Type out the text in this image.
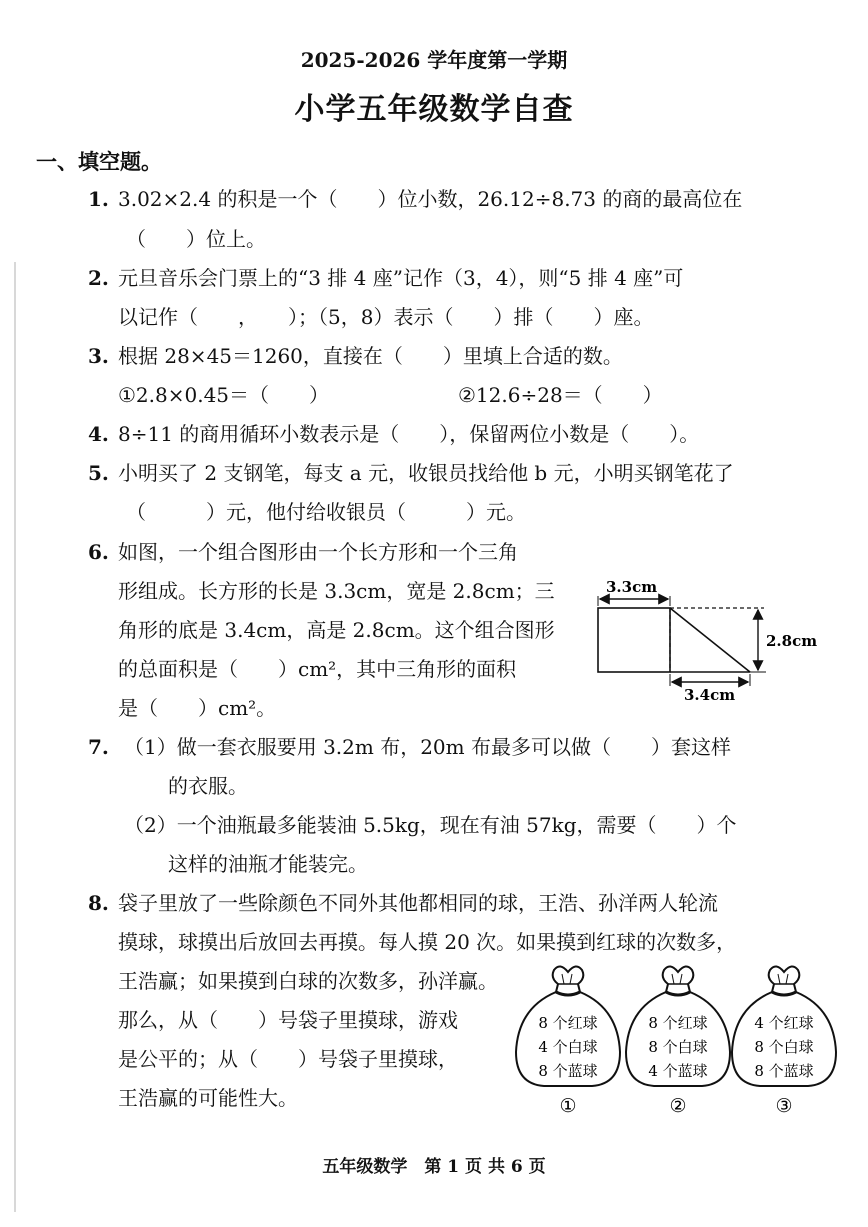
2025-2026 学年度第一学期
小学五年级数学自查
一、填空题。
1. 3.02×2.4 的积是一个（　　）位小数，26.12÷8.73 的商的最高位在
（　　）位上。
2. 元旦音乐会门票上的“3 排 4 座”记作（3，4），则“5 排 4 座”可
以记作（　　，　　）；（5，8）表示（　　）排（　　）座。
3. 根据 28×45＝1260，直接在（　　）里填上合适的数。
①2.8×0.45＝（　　）	②12.6÷28＝（　　）
4. 8÷11 的商用循环小数表示是（　　），保留两位小数是（　　）。
5. 小明买了 2 支钢笔，每支 a 元，收银员找给他 b 元，小明买钢笔花了
（　　　）元，他付给收银员（　　　）元。
6. 如图，一个组合图形由一个长方形和一个三角
形组成。长方形的长是 3.3cm，宽是 2.8cm；三
角形的底是 3.4cm，高是 2.8cm。这个组合图形
的总面积是（　　）cm²，其中三角形的面积
是（　　）cm²。
3.3cm
2.8cm
3.4cm
7. （1）做一套衣服要用 3.2m 布，20m 布最多可以做（　　）套这样
的衣服。
（2）一个油瓶最多能装油 5.5kg，现在有油 57kg，需要（　　）个
这样的油瓶才能装完。
8. 袋子里放了一些除颜色不同外其他都相同的球，王浩、孙洋两人轮流
摸球，球摸出后放回去再摸。每人摸 20 次。如果摸到红球的次数多，
王浩赢；如果摸到白球的次数多，孙洋赢。
那么，从（　　）号袋子里摸球，游戏
是公平的；从（　　）号袋子里摸球，
王浩赢的可能性大。
8 个红球
4 个白球
8 个蓝球
①
8 个红球
8 个白球
4 个蓝球
②
4 个红球
8 个白球
8 个蓝球
③
五年级数学　第 1 页 共 6 页
